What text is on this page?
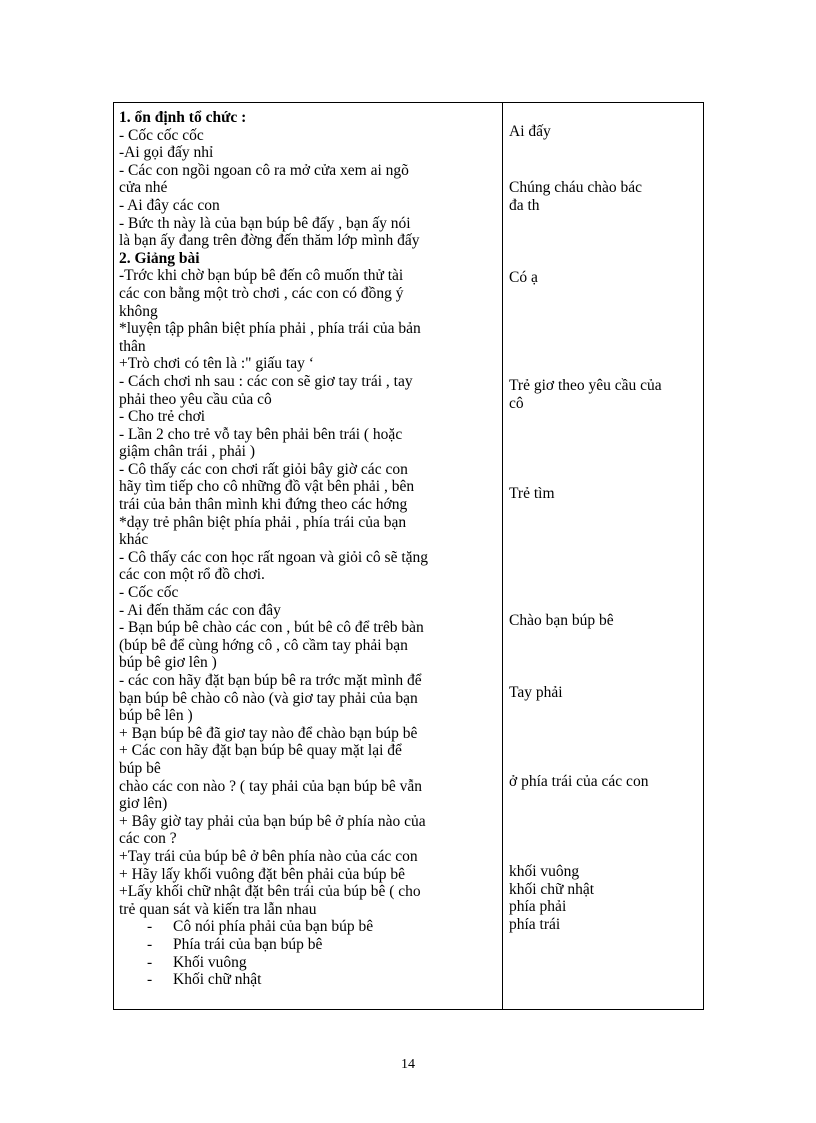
1. ổn định tổ chức :
- Cốc cốc cốc
-Ai gọi đấy nhỉ
- Các con ngồi ngoan cô ra mở cửa xem ai ngõ
cửa nhé
- Ai đây các con
- Bức th này là của bạn búp bê đấy , bạn ấy nói
là bạn ấy đang trên đờng đến thăm lớp mình đấy
2. Giảng bài
-Trớc khi chờ bạn búp bê đến cô muốn thử tài
các con bằng một trò chơi , các con có đồng ý
không
*luyện tập phân biệt phía phải , phía trái của bản
thân
+Trò chơi có tên là :" giấu tay ‘
- Cách chơi nh sau : các con sẽ giơ tay trái , tay
phải theo yêu cầu của cô
- Cho trẻ chơi
- Lần 2 cho trẻ vỗ tay bên phải bên trái ( hoặc
giậm chân trái , phải )
- Cô thấy các con chơi rất giỏi bây giờ các con
hãy tìm tiếp cho cô những đồ vật bên phải , bên
trái của bản thân mình khi đứng theo các hớng
*dạy trẻ phân biệt phía phải , phía trái của bạn
khác
- Cô thấy các con học rất ngoan và giỏi cô sẽ tặng
các con một rổ đồ chơi.
- Cốc cốc
- Ai đến thăm các con đây
- Bạn búp bê chào các con , bút bê cô để trêb bàn
(búp bê để cùng hớng cô , cô cầm tay phải bạn
búp bê giơ lên )
- các con hãy đặt bạn búp bê ra trớc mặt mình để
bạn búp bê chào cô nào (và giơ tay phải của bạn
búp bê lên )
+ Bạn búp bê đã giơ tay nào để chào bạn búp bê
+ Các con hãy đặt bạn búp bê quay mặt lại để
búp bê
chào các con nào ? ( tay phải của bạn búp bê vẫn
giơ lên)
+ Bây giờ tay phải của bạn búp bê ở phía nào của
các con ?
+Tay trái của búp bê ở bên phía nào của các con
+ Hãy lấy khối vuông đặt bên phải của búp bê
+Lấy khối chữ nhật đặt bên trái của búp bê ( cho
trẻ quan sát và kiến tra lẫn nhau
- Cô nói phía phải của bạn búp bê
- Phía trái của bạn búp bê
- Khối vuông
- Khối chữ nhật
Ai đấy
Chúng cháu chào bác
đa th
Có ạ
Trẻ giơ theo yêu cầu của
cô
Trẻ tìm
Chào bạn búp bê
Tay phải
ở phía trái của các con
khối vuông
khối chữ nhật
phía phải
phía trái
14
